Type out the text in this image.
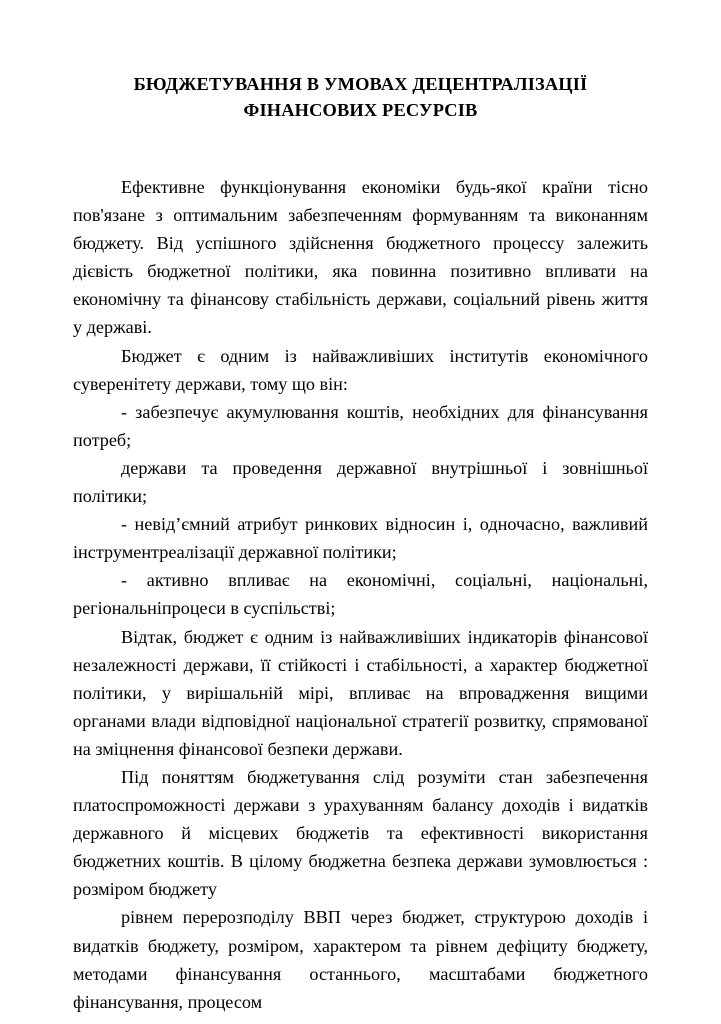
БЮДЖЕТУВАННЯ В УМОВАХ ДЕЦЕНТРАЛІЗАЦІЇ
ФІНАНСОВИХ РЕСУРСІВ

Ефективне функціонування економіки будь-якої країни тісно пов'язане з оптимальним забезпеченням формуванням та виконанням бюджету. Від успішного здійснення бюджетного процессу залежить дієвість бюджетної політики, яка повинна позитивно впливати на економічну та фінансову стабільність держави, соціальний рівень життя у державі.

Бюджет є одним із найважливіших інститутів економічного суверенітету держави, тому що він:

- забезпечує акумулювання коштів, необхідних для фінансування потреб;

держави та проведення державної внутрішньої і зовнішньої політики;

- невід’ємний атрибут ринкових відносин і, одночасно, важливий інструментреалізації державної політики;

- активно впливає на економічні, соціальні, національні, регіональніпроцеси в суспільстві;

Відтак, бюджет є одним із найважливіших індикаторів фінансової незалежності держави, її стійкості і стабільності, а характер бюджетної політики, у вирішальній мірі, впливає на впровадження вищими органами влади відповідної національної стратегії розвитку, спрямованої на зміцнення фінансової безпеки держави.

Під поняттям бюджетування слід розуміти стан забезпечення платоспроможності держави з урахуванням балансу доходів і видатків державного й місцевих бюджетів та ефективності використання бюджетних коштів. В цілому бюджетна безпека держави зумовлюється : розміром бюджету

рівнем перерозподілу ВВП через бюджет, структурою доходів і видатків бюджету, розміром, характером та рівнем дефіциту бюджету, методами фінансування останнього, масштабами бюджетного фінансування, процесом
